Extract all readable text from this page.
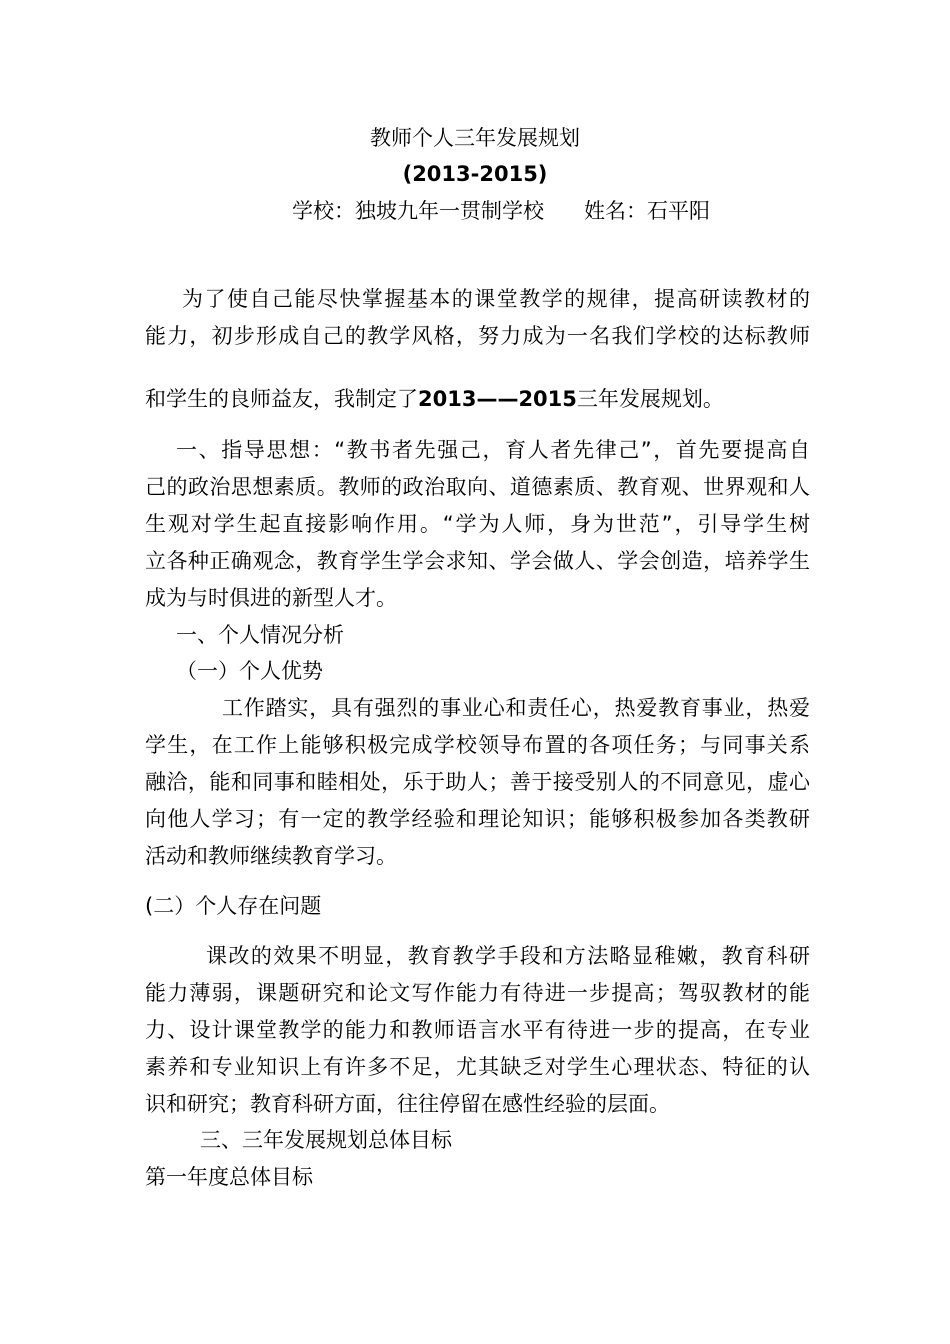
教师个人三年发展规划
(2013-2015)
学校：独坡九年一贯制学校 姓名：石平阳
为了使自己能尽快掌握基本的课堂教学的规律，提高研读教材的
能力，初步形成自己的教学风格，努力成为一名我们学校的达标教师
和学生的良师益友，我制定了2013——2015三年发展规划。
一、指导思想：“教书者先强己，育人者先律己”，首先要提高自
己的政治思想素质。教师的政治取向、道德素质、教育观、世界观和人
生观对学生起直接影响作用。“学为人师，身为世范”，引导学生树
立各种正确观念，教育学生学会求知、学会做人、学会创造，培养学生
成为与时俱进的新型人才。
一、个人情况分析
（一）个人优势
工作踏实，具有强烈的事业心和责任心，热爱教育事业，热爱
学生，在工作上能够积极完成学校领导布置的各项任务；与同事关系
融洽，能和同事和睦相处，乐于助人；善于接受别人的不同意见，虚心
向他人学习；有一定的教学经验和理论知识；能够积极参加各类教研
活动和教师继续教育学习。
(二）个人存在问题
课改的效果不明显，教育教学手段和方法略显稚嫩，教育科研
能力薄弱，课题研究和论文写作能力有待进一步提高；驾驭教材的能
力、设计课堂教学的能力和教师语言水平有待进一步的提高，在专业
素养和专业知识上有许多不足，尤其缺乏对学生心理状态、特征的认
识和研究；教育科研方面，往往停留在感性经验的层面。
三、三年发展规划总体目标
第一年度总体目标
